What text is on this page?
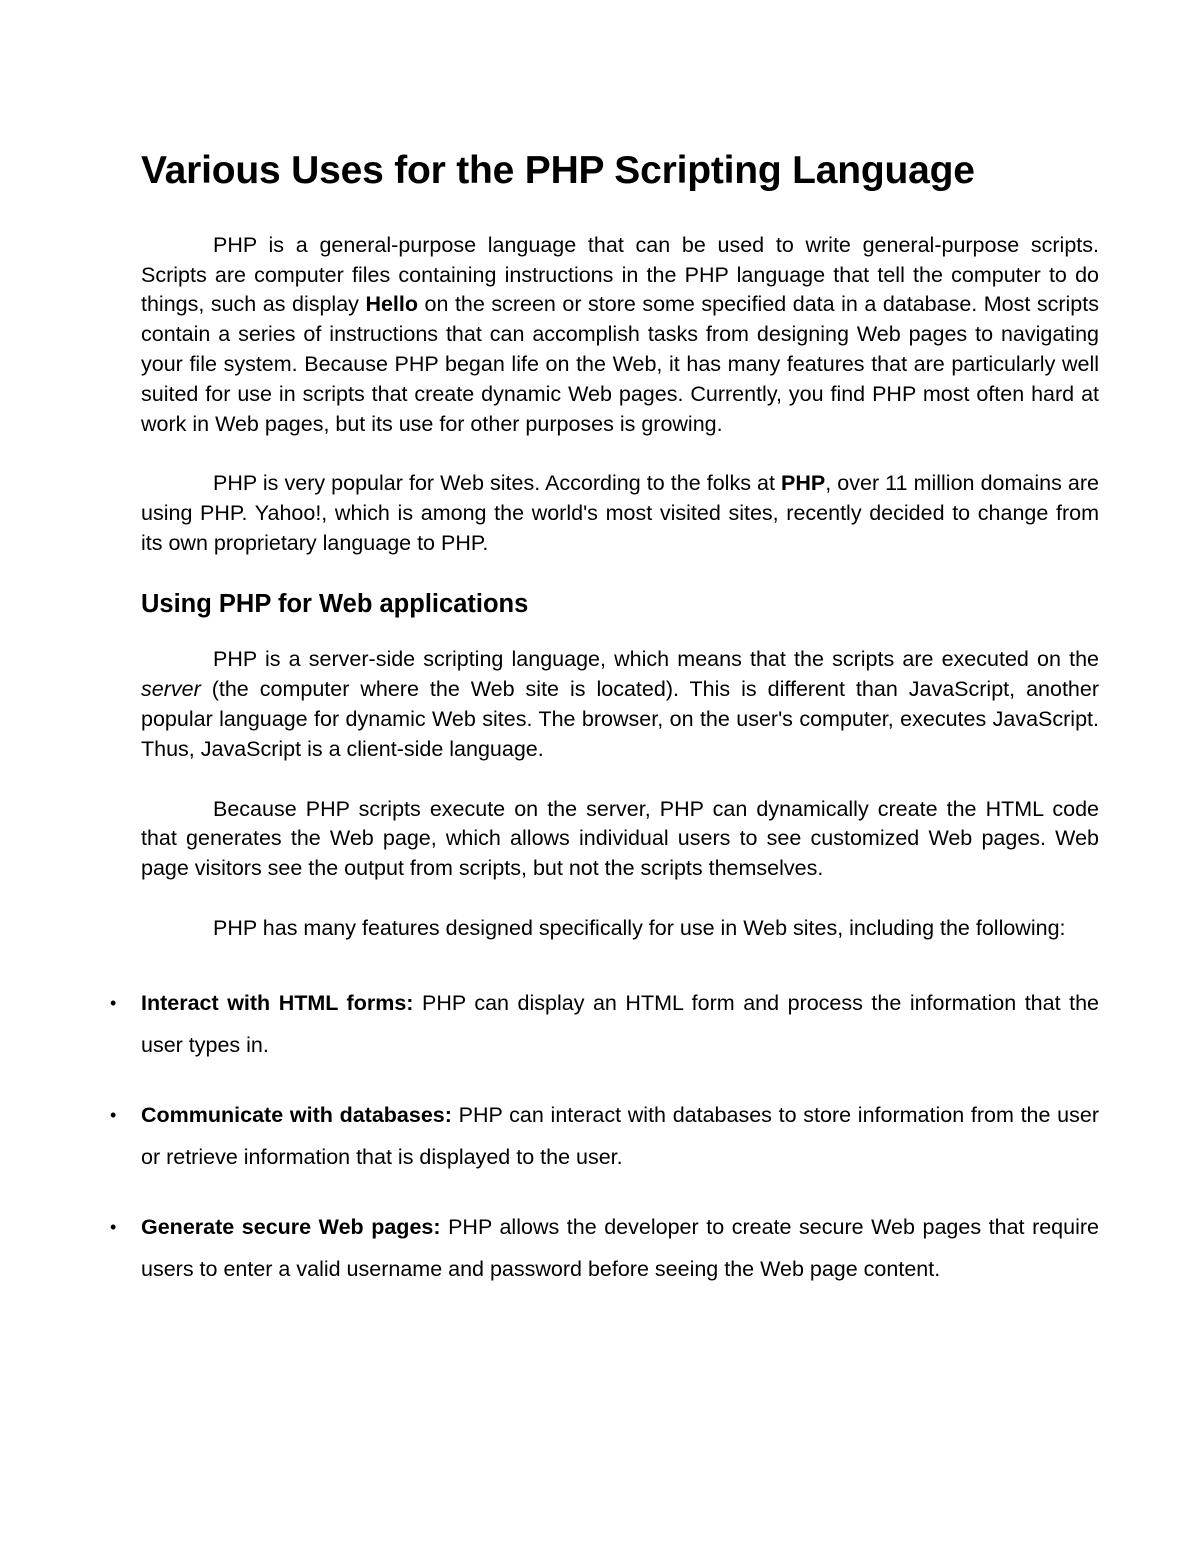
Various Uses for the PHP Scripting Language

PHP is a general-purpose language that can be used to write general-purpose scripts. Scripts are computer files containing instructions in the PHP language that tell the computer to do things, such as display Hello on the screen or store some specified data in a database. Most scripts contain a series of instructions that can accomplish tasks from designing Web pages to navigating your file system. Because PHP began life on the Web, it has many features that are particularly well suited for use in scripts that create dynamic Web pages. Currently, you find PHP most often hard at work in Web pages, but its use for other purposes is growing.

PHP is very popular for Web sites. According to the folks at PHP, over 11 million domains are using PHP. Yahoo!, which is among the world's most visited sites, recently decided to change from its own proprietary language to PHP.

Using PHP for Web applications

PHP is a server-side scripting language, which means that the scripts are executed on the server (the computer where the Web site is located). This is different than JavaScript, another popular language for dynamic Web sites. The browser, on the user's computer, executes JavaScript. Thus, JavaScript is a client-side language.

Because PHP scripts execute on the server, PHP can dynamically create the HTML code that generates the Web page, which allows individual users to see customized Web pages. Web page visitors see the output from scripts, but not the scripts themselves.

PHP has many features designed specifically for use in Web sites, including the following:

• Interact with HTML forms: PHP can display an HTML form and process the information that the user types in.
• Communicate with databases: PHP can interact with databases to store information from the user or retrieve information that is displayed to the user.
• Generate secure Web pages: PHP allows the developer to create secure Web pages that require users to enter a valid username and password before seeing the Web page content.
